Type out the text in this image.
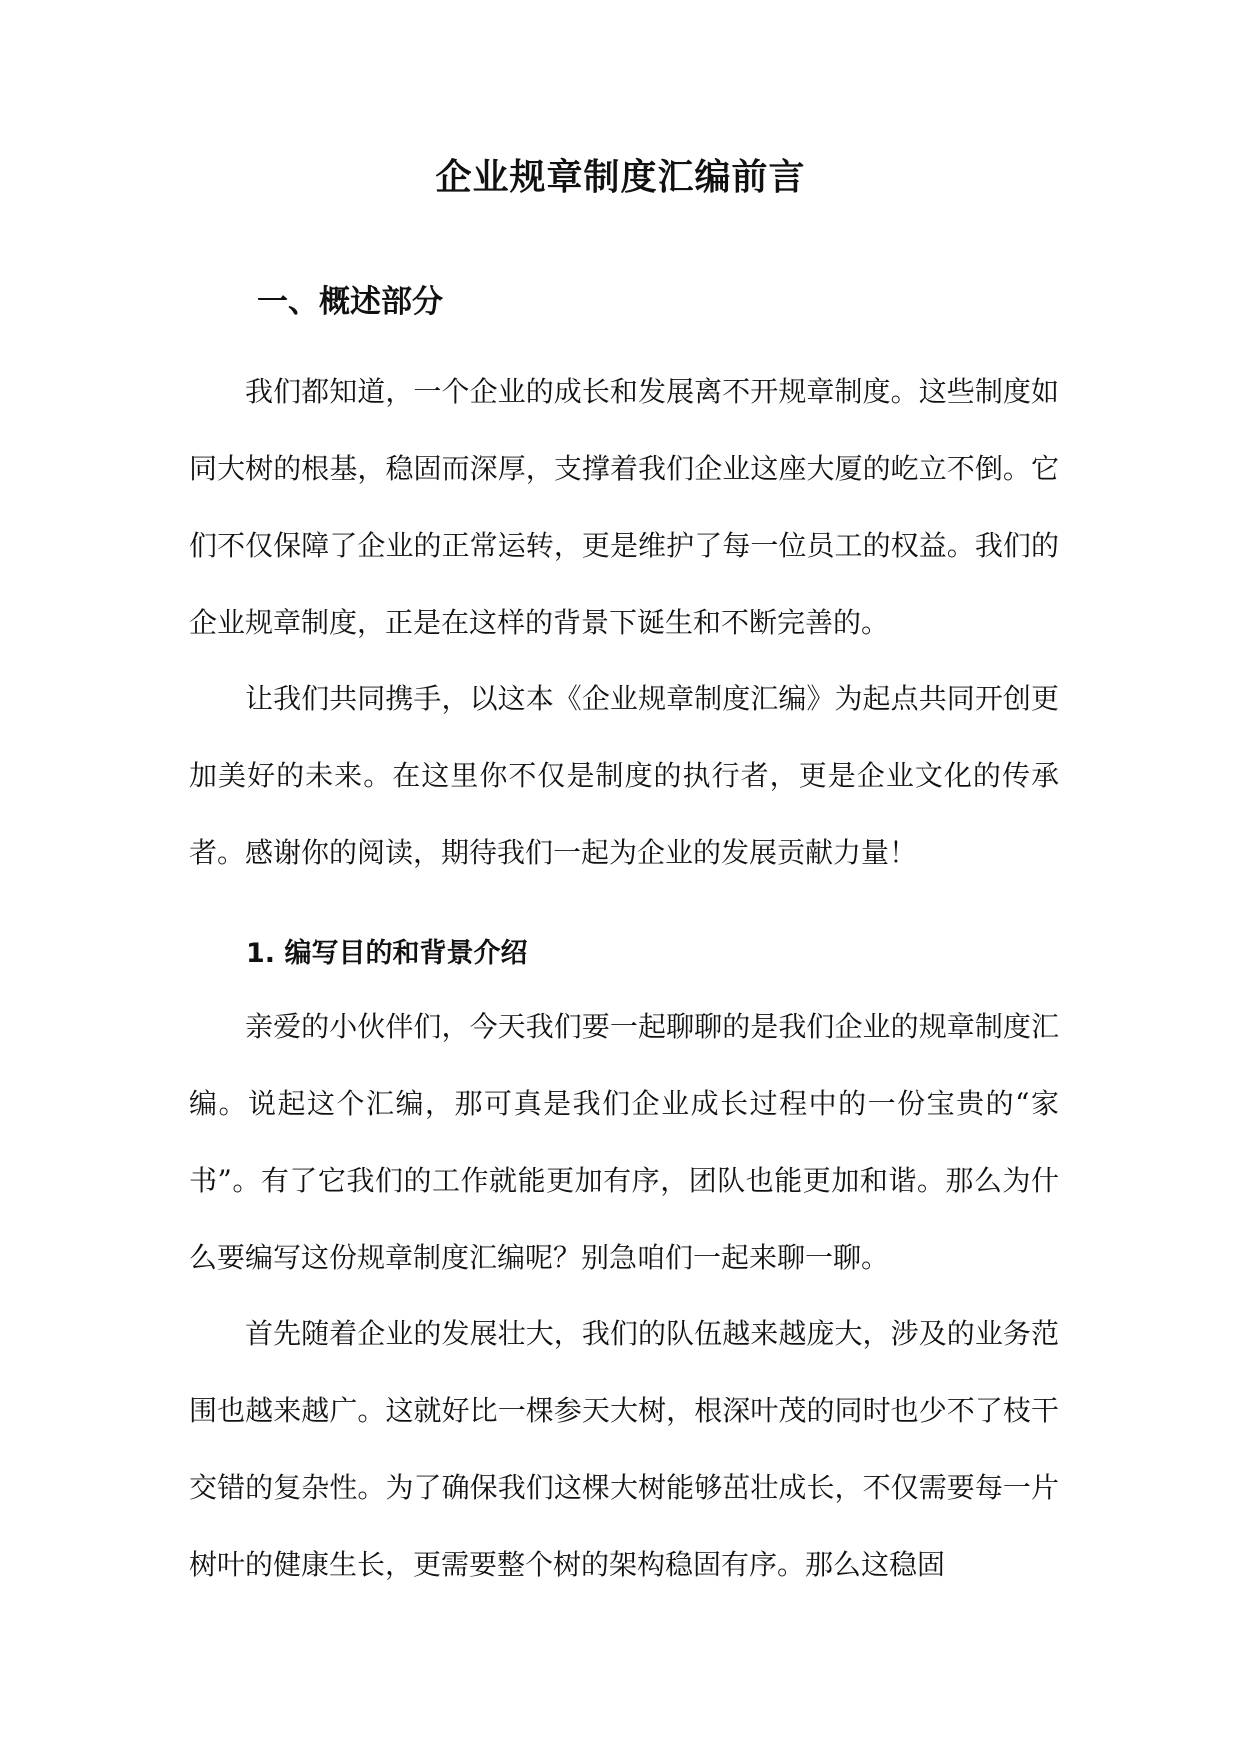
企业规章制度汇编前言
一、概述部分

我们都知道，一个企业的成长和发展离不开规章制度。这些制度如同大树的根基，稳固而深厚，支撑着我们企业这座大厦的屹立不倒。它们不仅保障了企业的正常运转，更是维护了每一位员工的权益。我们的企业规章制度，正是在这样的背景下诞生和不断完善的。

让我们共同携手，以这本《企业规章制度汇编》为起点共同开创更加美好的未来。在这里你不仅是制度的执行者，更是企业文化的传承者。感谢你的阅读，期待我们一起为企业的发展贡献力量！

1. 编写目的和背景介绍

亲爱的小伙伴们，今天我们要一起聊聊的是我们企业的规章制度汇编。说起这个汇编，那可真是我们企业成长过程中的一份宝贵的“家书”。有了它我们的工作就能更加有序，团队也能更加和谐。那么为什么要编写这份规章制度汇编呢？别急咱们一起来聊一聊。

首先随着企业的发展壮大，我们的队伍越来越庞大，涉及的业务范围也越来越广。这就好比一棵参天大树，根深叶茂的同时也少不了枝干交错的复杂性。为了确保我们这棵大树能够茁壮成长，不仅需要每一片树叶的健康生长，更需要整个树的架构稳固有序。那么这稳固
